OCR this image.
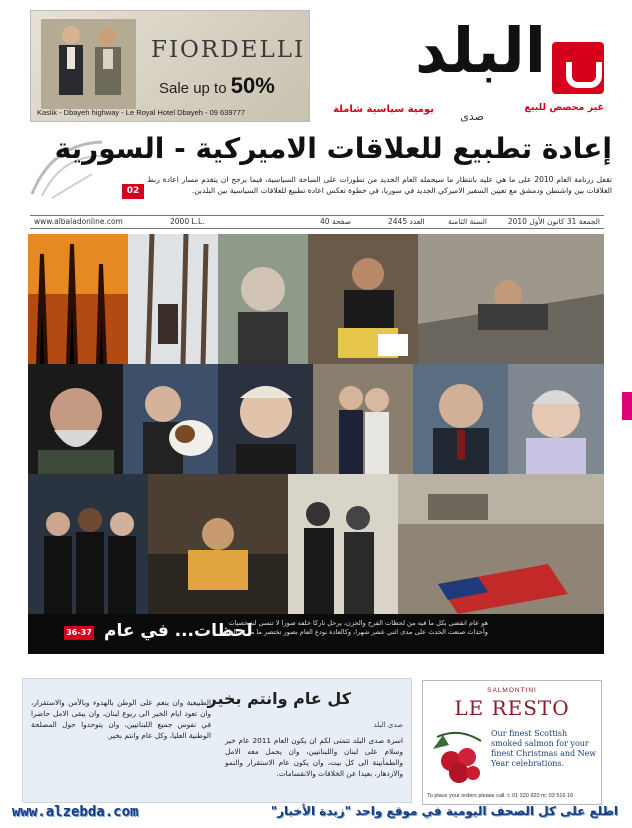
FIORDELLI
Sale up to 50%
Kaslik - Dbayeh highway - Le Royal Hotel Dbayeh - 09 639777
البلد
غير محصص للبيع
يومية سياسية شاملة
صدى
إعادة تطبيع للعلاقات الاميركية - السورية
تقفل رزنامة العام 2010 على ما هي عليه بانتظار ما سيحمله العام الجديد من تطورات على الساحة السياسية، فيما يرجح ان يتقدم مسار اعادة ربط العلاقات بين واشنطن ودمشق مع تعيين السفير الاميركي الجديد في سوريا، في خطوة تعكس اعادة تطبيع للعلاقات السياسية بين البلدين.
02
www.albaladonline.com	2000 L.L.	40 صفحة	العدد 2445	السنة الثامنة	الجمعة 31 كانون الأول 2010
لحظات... في عام
هو عام انقضى بكل ما فيه من لحظات الفرح والحزن، يرحل تاركا خلفه صورا لا تنسى لشخصيات وأحداث صنعت الحدث على مدى اثني عشر شهرا، وكالعادة نودع العام بصور تختصر ما مر به العالم.
36-37
كل عام وانتم بخير
صدى البلد
اسرة صدى البلد تتمنى لكم ان يكون العام 2011 عام خير وسلام على لبنان واللبنانيين، وان يحمل معه الامل والطمأنينة الى كل بيت، وان يكون عام الاستقرار والنمو والازدهار، بعيدا عن الخلافات والانقسامات.
الطبيعية وان ينعم على الوطن بالهدوء وبالأمن والاستقرار، وان تعود ايام الخير الى ربوع لبنان، وان يبقى الامل حاضرا في نفوس جميع اللبنانيين، وان يتوحدوا حول المصلحة الوطنية العليا، وكل عام وانتم بخير.
SALMONTINI
LE RESTO
Our finest Scottish smoked salmon for your finest Christmas and New Year celebrations.
To place your orders please call: t: 01 320 920 m: 03 516 16
www.alzebda.com	اطلع على كل الصحف اليومية في موقع واحد "زبدة الأخبار"
